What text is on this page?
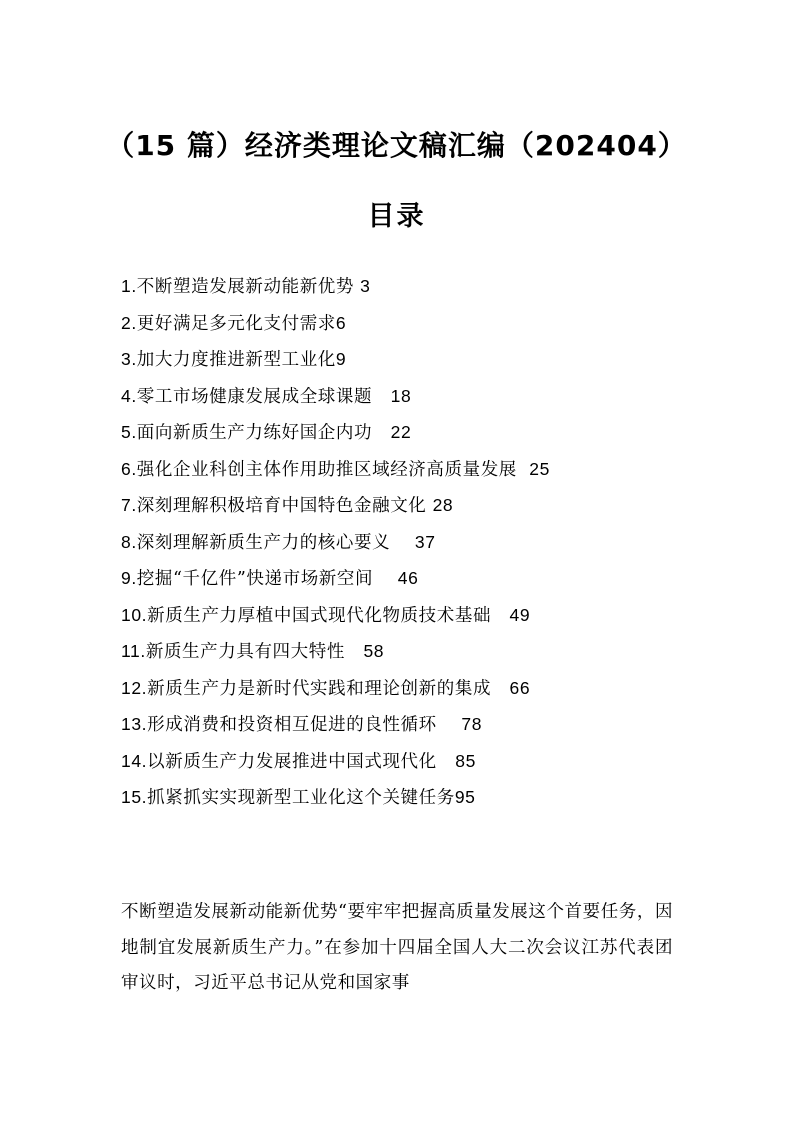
（15 篇）经济类理论文稿汇编（202404）
目录
1.不断塑造发展新动能新优势 3
2.更好满足多元化支付需求6
3.加大力度推进新型工业化9
4.零工市场健康发展成全球课题 18
5.面向新质生产力练好国企内功 22
6.强化企业科创主体作用助推区域经济高质量发展 25
7.深刻理解积极培育中国特色金融文化 28
8.深刻理解新质生产力的核心要义 37
9.挖掘“千亿件”快递市场新空间 46
10.新质生产力厚植中国式现代化物质技术基础 49
11.新质生产力具有四大特性 58
12.新质生产力是新时代实践和理论创新的集成 66
13.形成消费和投资相互促进的良性循环 78
14.以新质生产力发展推进中国式现代化 85
15.抓紧抓实实现新型工业化这个关键任务95

不断塑造发展新动能新优势“要牢牢把握高质量发展这个首要任务，因地制宜发展新质生产力。”在参加十四届全国人大二次会议江苏代表团审议时，习近平总书记从党和国家事
